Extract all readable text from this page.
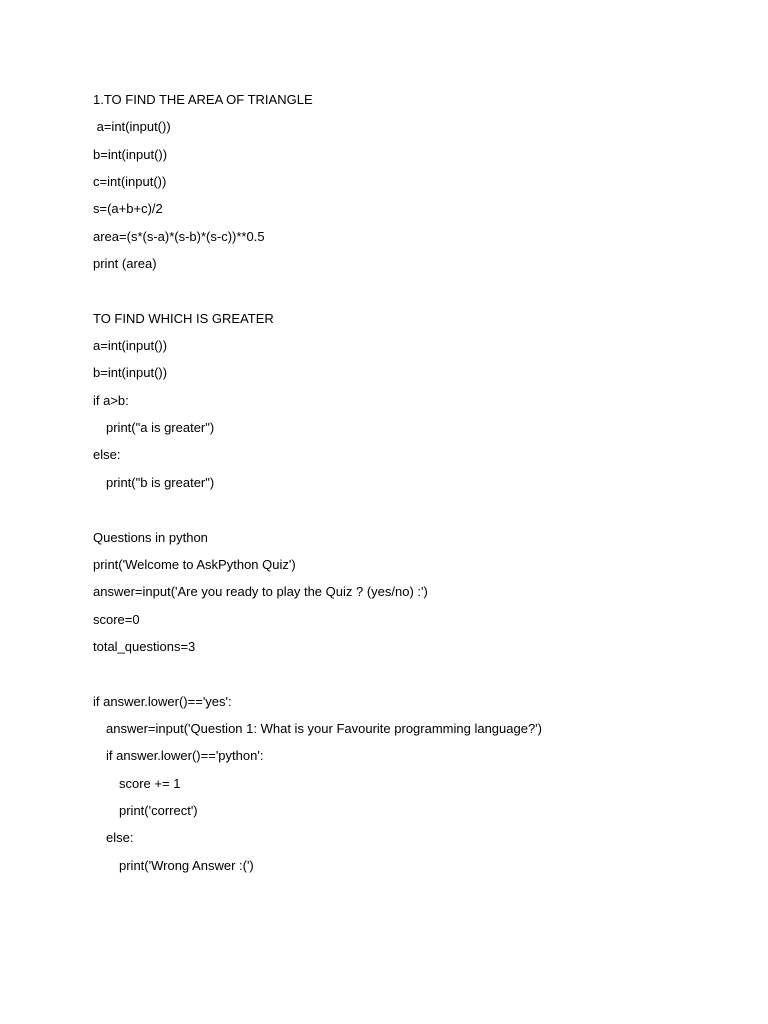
1.TO FIND THE AREA OF TRIANGLE
a=int(input())
b=int(input())
c=int(input())
s=(a+b+c)/2
area=(s*(s-a)*(s-b)*(s-c))**0.5
print (area)
TO FIND WHICH IS GREATER
a=int(input())
b=int(input())
if a>b:
print("a is greater")
else:
print("b is greater")
Questions in python
print('Welcome to AskPython Quiz')
answer=input('Are you ready to play the Quiz ? (yes/no) :')
score=0
total_questions=3
if answer.lower()=='yes':
answer=input('Question 1: What is your Favourite programming language?')
if answer.lower()=='python':
score += 1
print('correct')
else:
print('Wrong Answer :(')
